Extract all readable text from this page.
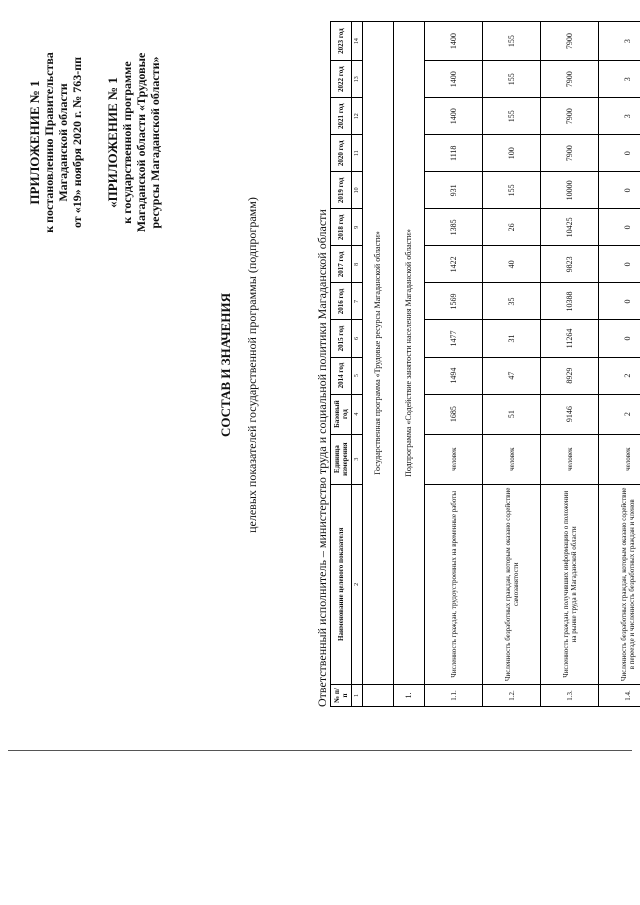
ПРИЛОЖЕНИЕ № 1 к постановлению Правительства Магаданской области от «19» ноября 2020 г. № 763-пп «ПРИЛОЖЕНИЕ № 1 к государственной программе Магаданской области «Трудовые ресурсы Магаданской области»
СОСТАВ И ЗНАЧЕНИЯ целевых показателей государственной программы (подпрограмм)	Ответственный исполнитель – министерство труда и социальной политики Магаданской области № п/п	Наименование целевого показателя	Единица измерения	Базовый год	2014 год	2015 год	2016 год	2017 год	2018 год	2019 год	2020 год	2021 год	2022 год	2023 год
1	2	3	4	5	6	7	8	9	10	11	12	13	14
	Государственная программа «Трудовые ресурсы Магаданской области»												
1.	Подпрограмма «Содействие занятости населения Магаданской области»												
1.1.	Численность граждан, трудоустроенных на временные работы	человек	1685	1494	1477	1569	1422	1385	931	1118	1400	1400	1400
1.2.	Численность безработных граждан, которым оказано содействие самозанятости	человек	51	47	31	35	40	26	155	100	155	155	155
1.3.	Численность граждан, получивших информацию о положении на рынке труда в Магаданской области	человек	9146	8929	11264	10388	9823	10425	10000	7900	7900	7900	7900
1.4.	Численность безработных граждан, которым оказано содействие в переезде и численность безработных граждан и членов	человек	2	2	0	0	0	0	0	0	3	3	3
